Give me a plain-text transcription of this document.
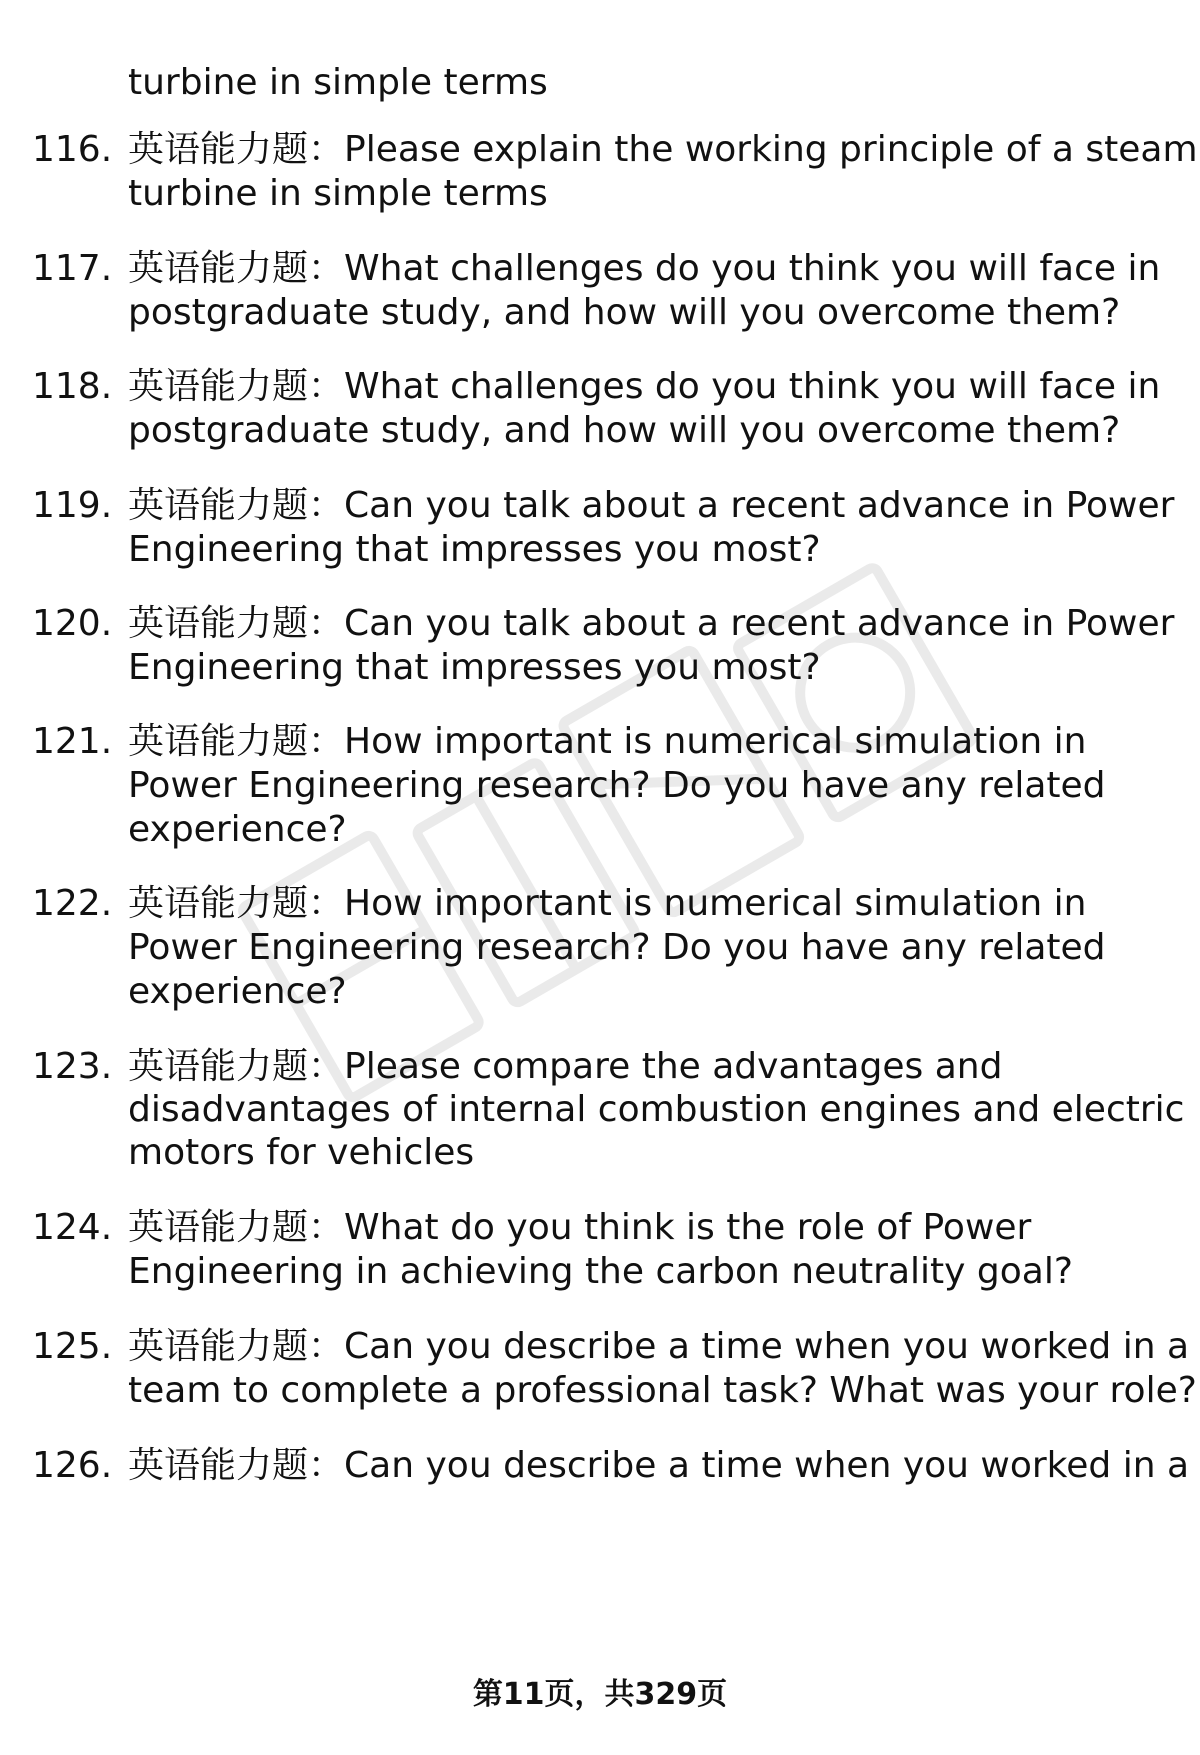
turbine in simple terms
116. 英语能力题：Please explain the working principle of a steam
turbine in simple terms
117. 英语能力题：What challenges do you think you will face in
postgraduate study, and how will you overcome them?
118. 英语能力题：What challenges do you think you will face in
postgraduate study, and how will you overcome them?
119. 英语能力题：Can you talk about a recent advance in Power
Engineering that impresses you most?
120. 英语能力题：Can you talk about a recent advance in Power
Engineering that impresses you most?
121. 英语能力题：How important is numerical simulation in
Power Engineering research? Do you have any related
experience?
122. 英语能力题：How important is numerical simulation in
Power Engineering research? Do you have any related
experience?
123. 英语能力题：Please compare the advantages and
disadvantages of internal combustion engines and electric
motors for vehicles
124. 英语能力题：What do you think is the role of Power
Engineering in achieving the carbon neutrality goal?
125. 英语能力题：Can you describe a time when you worked in a
team to complete a professional task? What was your role?
126. 英语能力题：Can you describe a time when you worked in a
第11页，共329页
